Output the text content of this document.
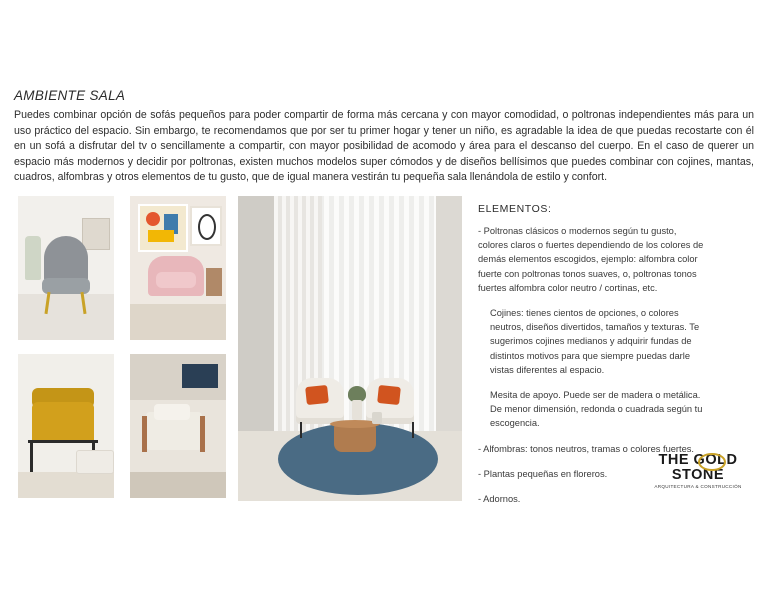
AMBIENTE SALA
Puedes combinar opción de sofás pequeños para poder compartir de forma más cercana y con mayor comodidad, o poltronas independientes más para un uso práctico del espacio. Sin embargo, te recomendamos que por ser tu primer hogar y tener un niño, es agradable la idea de que puedas recostarte con él en un sofá a disfrutar del tv o sencillamente a compartir, con mayor posibilidad de acomodo y área para el descanso del cuerpo. En el caso de querer un espacio más modernos y decidir por poltronas, existen muchos modelos super cómodos y de diseños bellísimos que puedes combinar con cojines, mantas, cuadros, alfombras y otros elementos de tu gusto, que de igual manera vestirán tu pequeña sala llenándola de estilo y confort.
ELEMENTOS:
- Poltronas clásicos o modernos según tu gusto, colores claros o fuertes dependiendo de los colores de demás elementos escogidos, ejemplo: alfombra color fuerte con poltronas tonos suaves, o, poltronas tonos fuertes alfombra color neutro / cortinas, etc.
Cojines: tienes cientos de opciones, o colores neutros, diseños divertidos, tamaños y texturas. Te sugerimos cojines medianos y adquirir fundas de distintos motivos para que siempre puedas darle vistas diferentes al espacio.
Mesita de apoyo. Puede ser de madera o metálica. De menor dimensión, redonda o cuadrada según tu escogencia.
- Alfombras: tonos neutros, tramas o colores fuertes.
- Plantas pequeñas en floreros.
- Adornos.
THE GOLD
STONE
ARQUITECTURA & CONSTRUCCIÓN
